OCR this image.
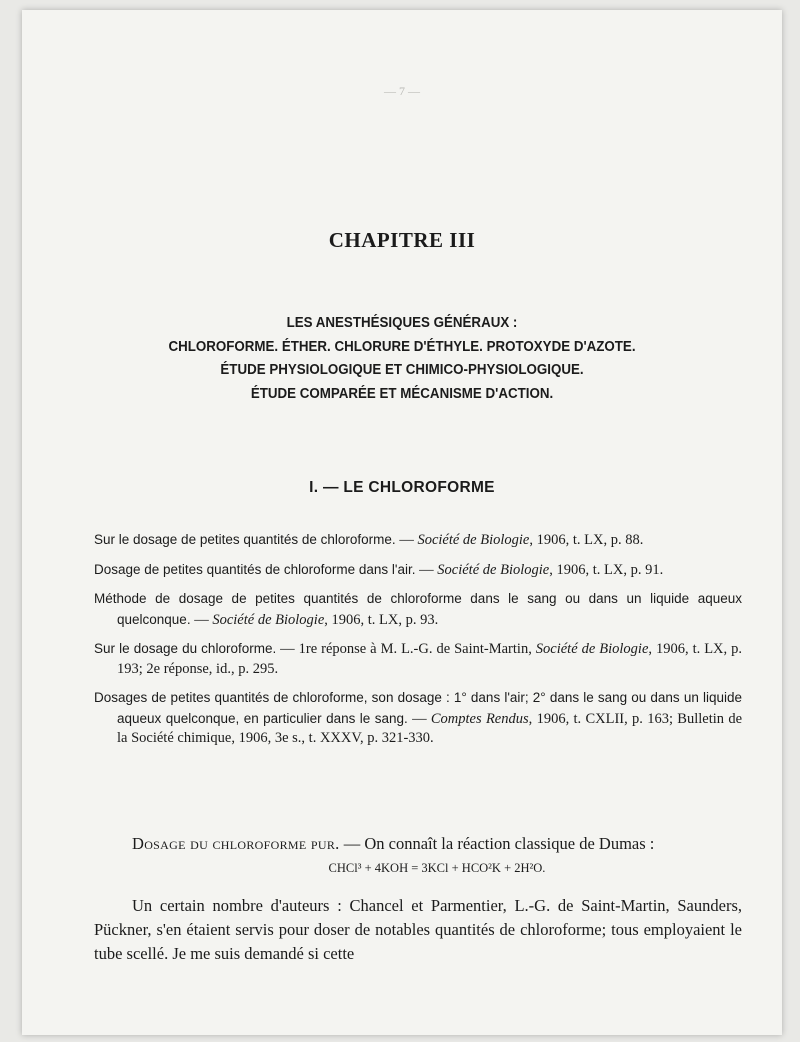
— 7 —
CHAPITRE III
LES ANESTHÉSIQUES GÉNÉRAUX :
CHLOROFORME. ÉTHER. CHLORURE D'ÉTHYLE. PROTOXYDE D'AZOTE.
ÉTUDE PHYSIOLOGIQUE ET CHIMICO-PHYSIOLOGIQUE.
ÉTUDE COMPARÉE ET MÉCANISME D'ACTION.
I. — LE CHLOROFORME
Sur le dosage de petites quantités de chloroforme. — Société de Biologie, 1906, t. LX, p. 88.
Dosage de petites quantités de chloroforme dans l'air. — Société de Biologie, 1906, t. LX, p. 91.
Méthode de dosage de petites quantités de chloroforme dans le sang ou dans un liquide aqueux quelconque. — Société de Biologie, 1906, t. LX, p. 93.
Sur le dosage du chloroforme. — 1re réponse à M. L.-G. de Saint-Martin, Société de Biologie, 1906, t. LX, p. 193; 2e réponse, id., p. 295.
Dosages de petites quantités de chloroforme, son dosage : 1° dans l'air; 2° dans le sang ou dans un liquide aqueux quelconque, en particulier dans le sang. — Comptes Rendus, 1906, t. CXLII, p. 163; Bulletin de la Société chimique, 1906, 3e s., t. XXXV, p. 321-330.

Dosage du chloroforme pur. — On connaît la réaction classique de Dumas :

CHCl³ + 4KOH = 3KCl + HCO²K + 2H²O.

Un certain nombre d'auteurs : Chancel et Parmentier, L.-G. de Saint-Martin, Saunders, Pückner, s'en étaient servis pour doser de notables quantités de chloroforme; tous employaient le tube scellé. Je me suis demandé si cette
